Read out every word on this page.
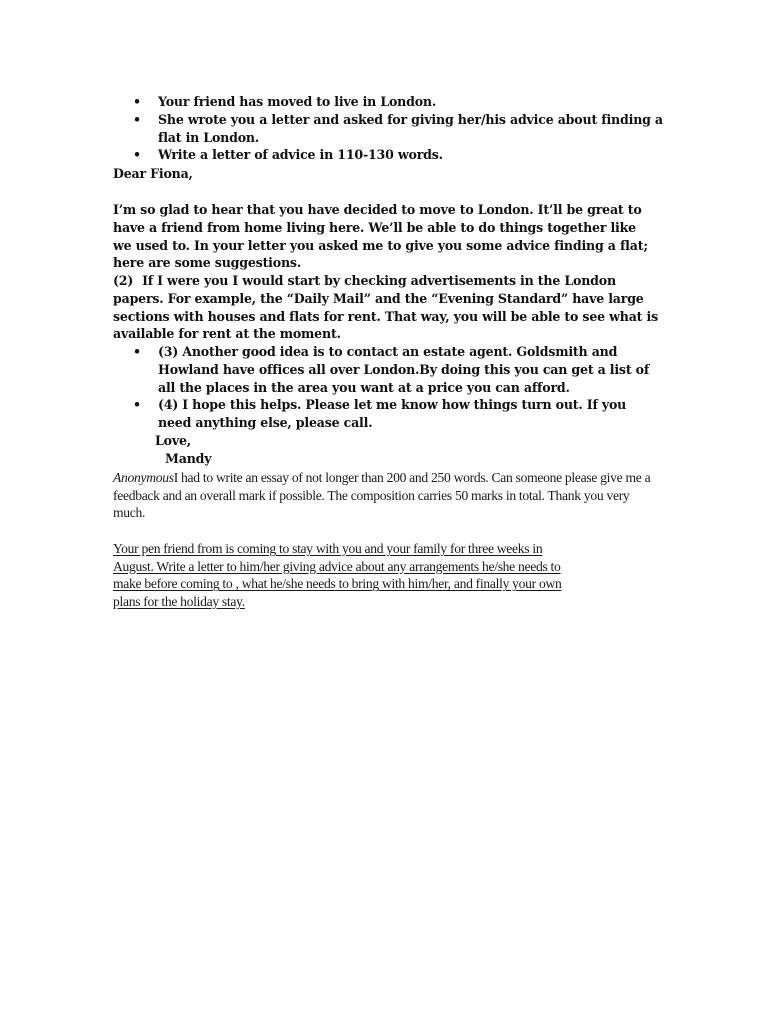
• Your friend has moved to live in London.
• She wrote you a letter and asked for giving her/his advice about finding a flat in London.
• Write a letter of advice in 110-130 words.
Dear Fiona,
I’m so glad to hear that you have decided to move to London. It’ll be great to have a friend from home living here. We’ll be able to do things together like we used to. In your letter you asked me to give you some advice finding a flat; here are some suggestions.
(2) If I were you I would start by checking advertisements in the London papers. For example, the “Daily Mail” and the “Evening Standard” have large sections with houses and flats for rent. That way, you will be able to see what is available for rent at the moment.
• (3) Another good idea is to contact an estate agent. Goldsmith and Howland have offices all over London.By doing this you can get a list of all the places in the area you want at a price you can afford.
• (4) I hope this helps. Please let me know how things turn out. If you need anything else, please call.
Love,
Mandy
AnonymousI had to write an essay of not longer than 200 and 250 words. Can someone please give me a feedback and an overall mark if possible. The composition carries 50 marks in total. Thank you very much.
Your pen friend from is coming to stay with you and your family for three weeks in
August. Write a letter to him/her giving advice about any arrangements he/she needs to
make before coming to , what he/she needs to bring with him/her, and finally your own
plans for the holiday stay.
